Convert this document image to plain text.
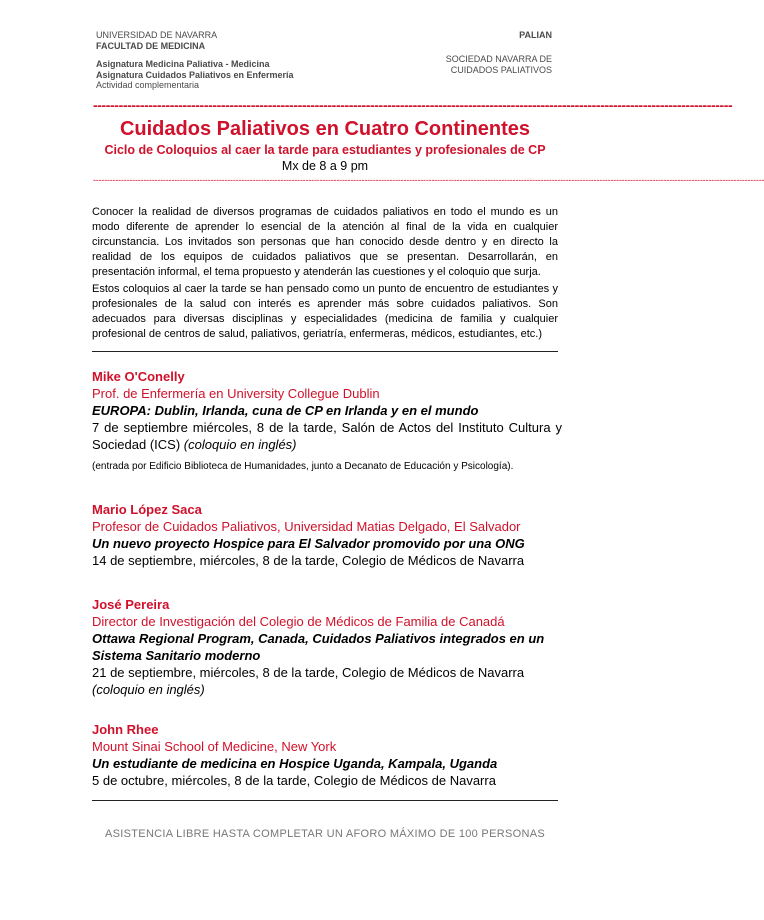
UNIVERSIDAD DE NAVARRA
FACULTAD DE MEDICINA
Asignatura Medicina Paliativa - Medicina
Asignatura Cuidados Paliativos en Enfermería
Actividad complementaria
PALIAN
SOCIEDAD NAVARRA DE
CUIDADOS PALIATIVOS
------------------------------------------------------------------------------------------------------------------------------------------------------
Cuidados Paliativos en Cuatro Continentes
Ciclo de Coloquios al caer la tarde para estudiantes y profesionales de CP
Mx de 8 a 9 pm
------------------------------------------------------------------------------------------------------------------------------------------------------------------------------------------------------------------------------------------------

Conocer la realidad de diversos programas de cuidados paliativos en todo el mundo es un modo diferente de aprender lo esencial de la atención al final de la vida en cualquier circunstancia. Los invitados son personas que han conocido desde dentro y en directo la realidad de los equipos de cuidados paliativos que se presentan. Desarrollarán, en presentación informal, el tema propuesto y atenderán las cuestiones y el coloquio que surja.

Estos coloquios al caer la tarde se han pensado como un punto de encuentro de estudiantes y profesionales de la salud con interés es aprender más sobre cuidados paliativos. Son adecuados para diversas disciplinas y especialidades (medicina de familia y cualquier profesional de centros de salud, paliativos, geriatría, enfermeras, médicos, estudiantes, etc.)

Mike O'Conelly
Prof. de Enfermería en University Collegue Dublin
EUROPA: Dublin, Irlanda, cuna de CP en Irlanda y en el mundo
7 de septiembre miércoles, 8 de la tarde, Salón de Actos del Instituto Cultura y Sociedad (ICS) (coloquio en inglés)
(entrada por Edificio Biblioteca de Humanidades, junto a Decanato de Educación y Psicología).
Mario López Saca
Profesor de Cuidados Paliativos, Universidad Matias Delgado, El Salvador
Un nuevo proyecto Hospice para El Salvador promovido por una ONG
14 de septiembre, miércoles, 8 de la tarde, Colegio de Médicos de Navarra
José Pereira
Director de Investigación del Colegio de Médicos de Familia de Canadá
Ottawa Regional Program, Canada, Cuidados Paliativos integrados en un Sistema Sanitario moderno
21 de septiembre, miércoles, 8 de la tarde, Colegio de Médicos de Navarra
(coloquio en inglés)
John Rhee
Mount Sinai School of Medicine, New York
Un estudiante de medicina en Hospice Uganda, Kampala, Uganda
5 de octubre, miércoles, 8 de la tarde, Colegio de Médicos de Navarra
ASISTENCIA LIBRE HASTA COMPLETAR UN AFORO MÁXIMO DE 100 PERSONAS
